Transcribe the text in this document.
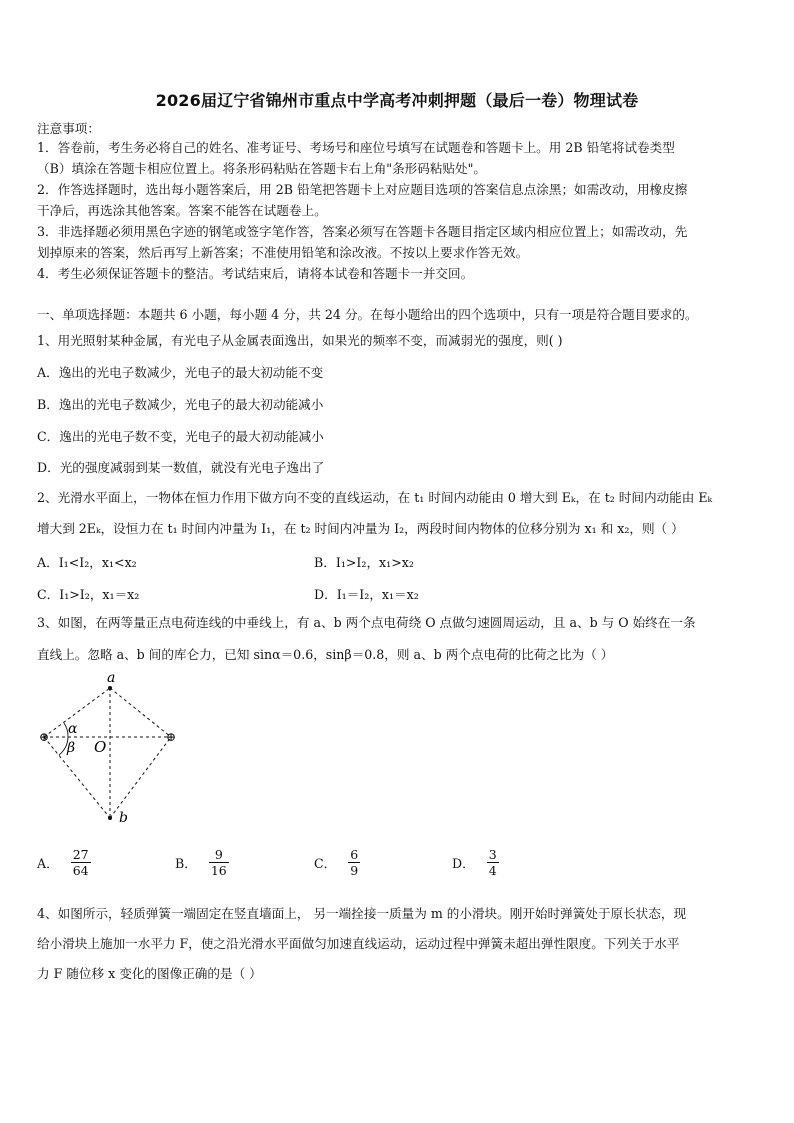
2026届辽宁省锦州市重点中学高考冲刺押题（最后一卷）物理试卷
注意事项：
1．答卷前，考生务必将自己的姓名、准考证号、考场号和座位号填写在试题卷和答题卡上。用 2B 铅笔将试卷类型
（B）填涂在答题卡相应位置上。将条形码粘贴在答题卡右上角"条形码粘贴处"。
2．作答选择题时，选出每小题答案后，用 2B 铅笔把答题卡上对应题目选项的答案信息点涂黑；如需改动，用橡皮擦
干净后，再选涂其他答案。答案不能答在试题卷上。
3．非选择题必须用黑色字迹的钢笔或签字笔作答，答案必须写在答题卡各题目指定区域内相应位置上；如需改动，先
划掉原来的答案，然后再写上新答案；不准使用铅笔和涂改液。不按以上要求作答无效。
4．考生必须保证答题卡的整洁。考试结束后，请将本试卷和答题卡一并交回。
一、单项选择题：本题共 6 小题，每小题 4 分，共 24 分。在每小题给出的四个选项中，只有一项是符合题目要求的。
1、用光照射某种金属，有光电子从金属表面逸出，如果光的频率不变，而减弱光的强度，则( )
A．逸出的光电子数减少，光电子的最大初动能不变
B．逸出的光电子数减少，光电子的最大初动能减小
C．逸出的光电子数不变，光电子的最大初动能减小
D．光的强度减弱到某一数值，就没有光电子逸出了
2、光滑水平面上，一物体在恒力作用下做方向不变的直线运动，在 t₁ 时间内动能由 0 增大到 Eₖ，在 t₂ 时间内动能由 Eₖ
增大到 2Eₖ，设恒力在 t₁ 时间内冲量为 I₁，在 t₂ 时间内冲量为 I₂，两段时间内物体的位移分别为 x₁ 和 x₂，则（ ）
A．I₁<I₂，x₁<x₂	B．I₁>I₂，x₁>x₂
C．I₁>I₂，x₁＝x₂	D．I₁＝I₂，x₁＝x₂
3、如图，在两等量正点电荷连线的中垂线上，有 a、b 两个点电荷绕 O 点做匀速圆周运动，且 a、b 与 O 始终在一条
直线上。忽略 a、b 间的库仑力，已知 sinα＝0.6，sinβ＝0.8，则 a、b 两个点电荷的比荷之比为（ ）
⊕	⊕
a
b
O
α
β
A． $\frac{27}{64}$	B． $\frac{9}{16}$	C． $\frac{6}{9}$	D． $\frac{3}{4}$
4、如图所示，轻质弹簧一端固定在竖直墙面上， 另一端拴接一质量为 m 的小滑块。刚开始时弹簧处于原长状态，现
给小滑块上施加一水平力 F，使之沿光滑水平面做匀加速直线运动，运动过程中弹簧未超出弹性限度。下列关于水平
力 F 随位移 x 变化的图像正确的是（ ）
